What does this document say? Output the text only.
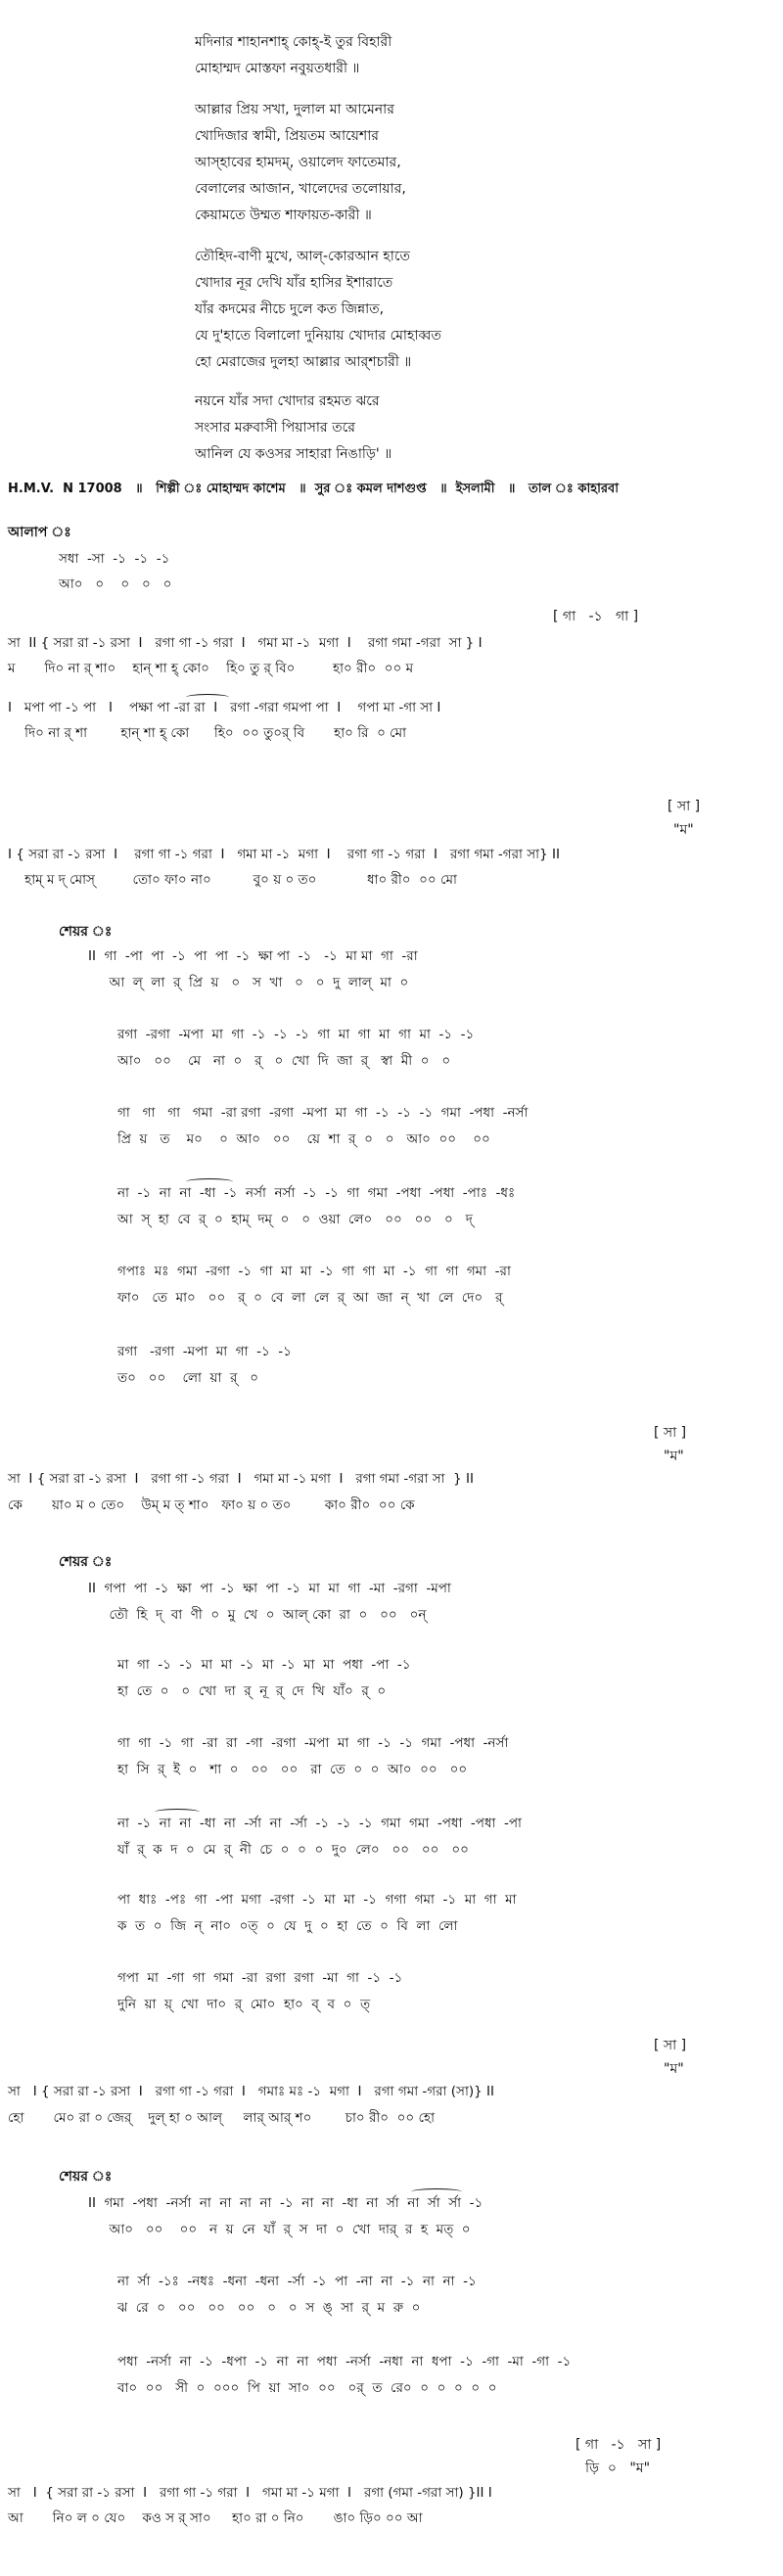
মদিনার শাহানশাহ্ কোহ্-ই তুর বিহারী
মোহাম্মদ মোস্তফা নবুয়তধারী ॥
আল্লার প্রিয় সখা, দুলাল মা আমেনার
খোদিজার স্বামী, প্রিয়তম আয়েশার
আস্হাবের হামদম্, ওয়ালেদ ফাতেমার,
বেলালের আজান, খালেদের তলোয়ার,
কেয়ামতে উম্মত শাফায়ত-কারী ॥
তৌহিদ-বাণী মুখে, আল্-কোরআন হাতে
খোদার নূর দেখি যাঁর হাসির ইশারাতে
যাঁর কদমের নীচে দুলে কত জিন্নাত,
যে দু'হাতে বিলালো দুনিয়ায় খোদার মোহাব্বত
হো মেরাজের দুলহা আল্লার আর্‌শচারী ॥
নয়নে যাঁর সদা খোদার রহমত ঝরে
সংসার মরুবাসী পিয়াসার তরে
আনিল যে কওসর সাহারা নিঙাড়ি' ॥
H.M.V.  N 17008   ॥   শিল্পী ঃ মোহাম্মদ কাশেম   ॥  সুর ঃ কমল দাশগুপ্ত   ॥  ইসলামী   ॥   তাল ঃ কাহারবা
আলাপ ঃ
সধা  -সা  -১  -১  -১
আ০   ০    ০   ০   ০
[ গা   -১   গা ]
সা  II { সরা রা -১ রসা  I   রগা গা -১ গরা  I   গমা মা -১  মগা  I    রগা গমা -গরা  সা } I
ম       দি০ না র্ শা০    হান্ শা হ্ কো০    হি০ তু র্ বি০         হা০ রী০  ০০ ম
I   মপা পা -১ পা   I    পক্ষা পা -রা রা  I   রগা -গরা গমপা পা  I    গপা মা -গা সা I
দি০ না র্ শা        হান্ শা হ্ কো      হি০  ০০ তু০র্ বি       হা০ রি  ০ মো
[ সা ]
"ম"
I { সরা রা -১ রসা  I    রগা গা -১ গরা  I   গমা মা -১  মগা  I    রগা গা -১ গরা  I   রগা গমা -গরা সা} II
হাম্ ম দ্ মোস্         তো০ ফা০ না০          বু০ য় ০ ত০            ধা০ রী০  ০০ মো
শেয়র ঃ
II  গা  -পা  পা  -১  পা  পা  -১  ক্ষা পা  -১   -১  মা মা  গা  -রা
আ  ল্  লা  র্  প্রি  য়   ০   স  খা   ০   ০  দু  লাল্  মা  ০
রগা  -রগা  -মপা  মা  গা  -১  -১  -১  গা  মা  গা  মা  গা  মা  -১  -১
আ০   ০০    মে   না  ০   র্   ০  খো  দি  জা  র্   স্বা  মী  ০   ০
গা   গা   গা   গমা  -রা রগা  -রগা  -মপা  মা  গা  -১  -১  -১  গমা  -পধা  -নর্সা
প্রি  য়   ত    ম০    ০  আ০   ০০    য়ে  শা  র্  ০   ০   আ০  ০০    ০০
না  -১  না  না  -ধা  -১  নর্সা  নর্সা  -১  -১  গা  গমা  -পধা  -পধা  -পাঃ  -ধঃ
আ  স্  হা  বে  র্  ০  হাম্  দম্  ০   ০  ওয়া  লে০   ০০   ০০   ০   দ্
গপাঃ  মঃ  গমা  -রগা  -১  গা  মা  মা  -১  গা  গা  মা  -১  গা  গা  গমা  -রা
ফা০   তে  মা০   ০০   র্  ০  বে  লা  লে  র্  আ  জা  ন্  খা  লে  দে০   র্
রগা   -রগা  -মপা  মা  গা  -১  -১
ত০   ০০    লো  য়া  র্   ০
[ সা ]
"ম"
সা  I { সরা রা -১ রসা  I   রগা গা -১ গরা  I   গমা মা -১ মগা  I   রগা গমা -গরা সা  } II
কে       য়া০ ম ০ তে০    উম্ ম ত্ শা০   ফা০ য় ০ ত০        কা০ রী০  ০০ কে
শেয়র ঃ
II  গপা  পা  -১  ক্ষা  পা  -১  ক্ষা  পা  -১  মা  মা  গা  -মা  -রগা  -মপা
তৌ  হি  দ্  বা  ণী  ০  মু  খে  ০  আল্ কো  রা  ০   ০০   ০ন্
মা  গা  -১  -১  মা  মা  -১  মা  -১  মা  মা  পধা  -পা  -১
হা  তে  ০   ০  খো  দা  র্  নূ  র্  দে  খি  যাঁ০  র্  ০
গা  গা  -১  গা  -রা  রা  -গা  -রগা  -মপা  মা  গা  -১  -১  গমা  -পধা  -নর্সা
হা  সি  র্  ই  ০   শা  ০   ০০   ০০   রা  তে  ০  ০  আ০  ০০   ০০
না  -১  না  না  -ধা  না  -র্সা  না  -র্সা  -১  -১  -১  গমা  গমা  -পধা  -পধা  -পা
যাঁ  র্  ক  দ  ০  মে  র্  নী  চে  ০  ০  ০  দু০  লে০   ০০   ০০   ০০
পা  ধাঃ  -পঃ  গা  -পা  মগা  -রগা  -১  মা  মা  -১  গগা  গমা  -১  মা  গা  মা
ক  ত  ০  জি  ন্  না০  ০ত্  ০  যে  দু  ০  হা  তে  ০  বি  লা  লো
গপা  মা  -গা  গা  গমা  -রা  রগা  রগা  -মা  গা  -১  -১
দুনি  য়া  য়্  খো  দা০  র্  মো০  হা০  ব্  ব  ০  ত্
[ সা ]
"ম"
সা   I { সরা রা -১ রসা  I   রগা গা -১ গরা  I   গমাঃ মঃ -১  মগা  I   রগা গমা -গরা (সা)} II
হো       মে০ রা ০ জের্    দুল্ হা ০ আল্     লার্ আর্ শ০        চা০ রী০  ০০ হো
শেয়র ঃ
II  গমা  -পধা  -নর্সা  না  না  না  না  -১  না  না  -ধা  না  র্সা  না  র্সা  র্সা  -১
আ০   ০০    ০০   ন  য়  নে  যাঁ  র্  স  দা  ০  খো  দার্  র  হ  মত্  ০
না  র্সা  -১ঃ  -নধঃ  -ধনা  -ধনা  -র্সা  -১  পা  -না  না  -১  না  না  -১
ঝ  রে  ০   ০০   ০০   ০০   ০   ০  স  ঙ্  সা  র্  ম  রু  ০
পধা  -নর্সা  না  -১  -ধপা  -১  না  না  পধা  -নর্সা  -নধা  না  ধপা  -১  -গা  -মা  -গা  -১
বা০  ০০   সী  ০  ০০০  পি  য়া  সা০  ০০   ০র্  ত  রে০  ০  ০  ০  ০  ০
[ গা   -১   সা ]
ড়ি  ০   "ম"
সা   I  { সরা রা -১ রসা  I   রগা গা -১ গরা  I   গমা মা -১ মগা  I   রগা (গমা -গরা সা) }II I
আ       নি০ ল ০ যে০    কও স র্ সা০     হা০ রা ০ নি০       ঙা০ ড়ি০ ০০ আ
